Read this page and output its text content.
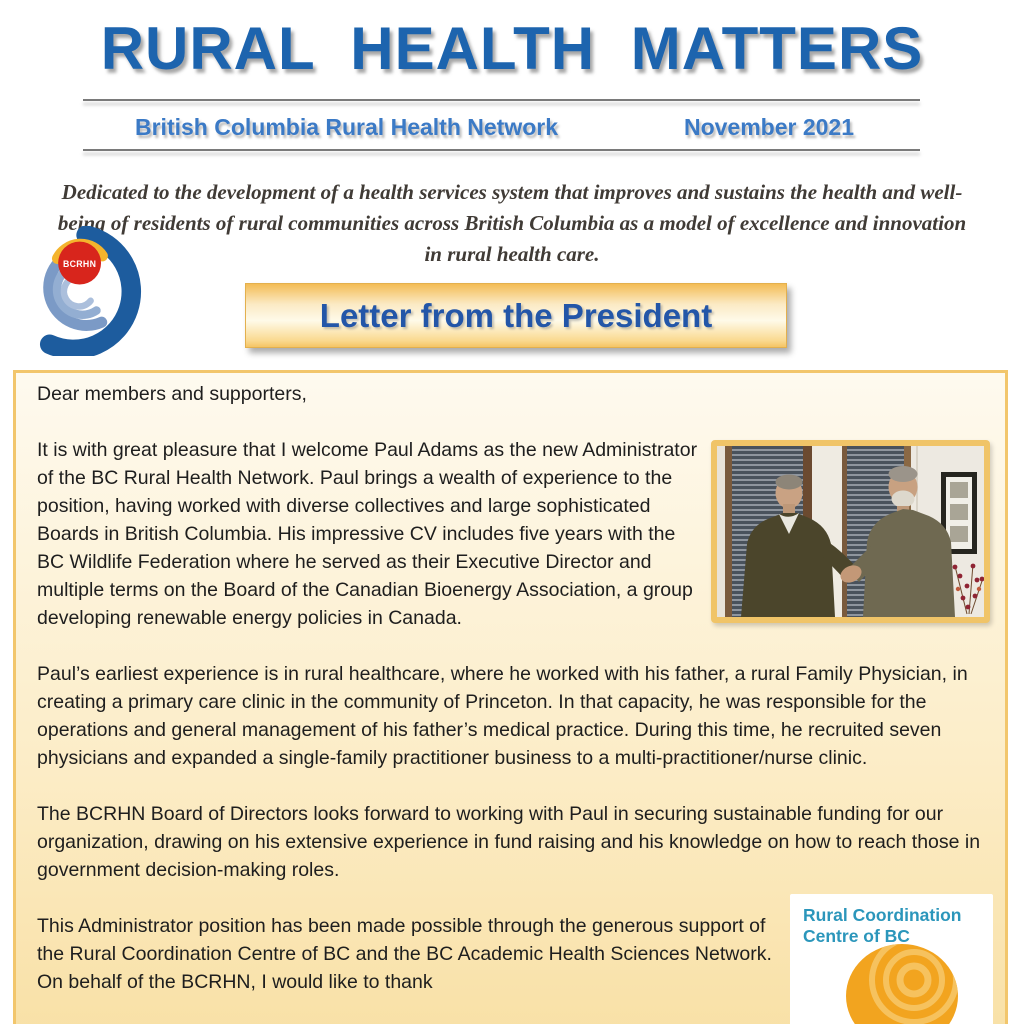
RURAL HEALTH MATTERS
British Columbia Rural Health Network	November 2021

Dedicated to the development of a health services system that improves and sustains the health and well-being of residents of rural communities across British Columbia as a model of excellence and innovation in rural health care.

BCRHN
Letter from the President

Dear members and supporters,

It is with great pleasure that I welcome Paul Adams as the new Administrator of the BC Rural Health Network. Paul brings a wealth of experience to the position, having worked with diverse collectives and large sophisticated Boards in British Columbia. His impressive CV includes five years with the BC Wildlife Federation where he served as their Executive Director and multiple terms on the Board of the Canadian Bioenergy Association, a group developing renewable energy policies in Canada.

Paul’s earliest experience is in rural healthcare, where he worked with his father, a rural Family Physician, in creating a primary care clinic in the community of Princeton. In that capacity, he was responsible for the operations and general management of his father’s medical practice. During this time, he recruited seven physicians and expanded a single-family practitioner business to a multi-practitioner/nurse clinic.

The BCRHN Board of Directors looks forward to working with Paul in securing sustainable funding for our organization, drawing on his extensive experience in fund raising and his knowledge on how to reach those in government decision-making roles.

Rural Coordination
Centre of BC

This Administrator position has been made possible through the generous support of the Rural Coordination Centre of BC and the BC Academic Health Sciences Network. On behalf of the BCRHN, I would like to thank
